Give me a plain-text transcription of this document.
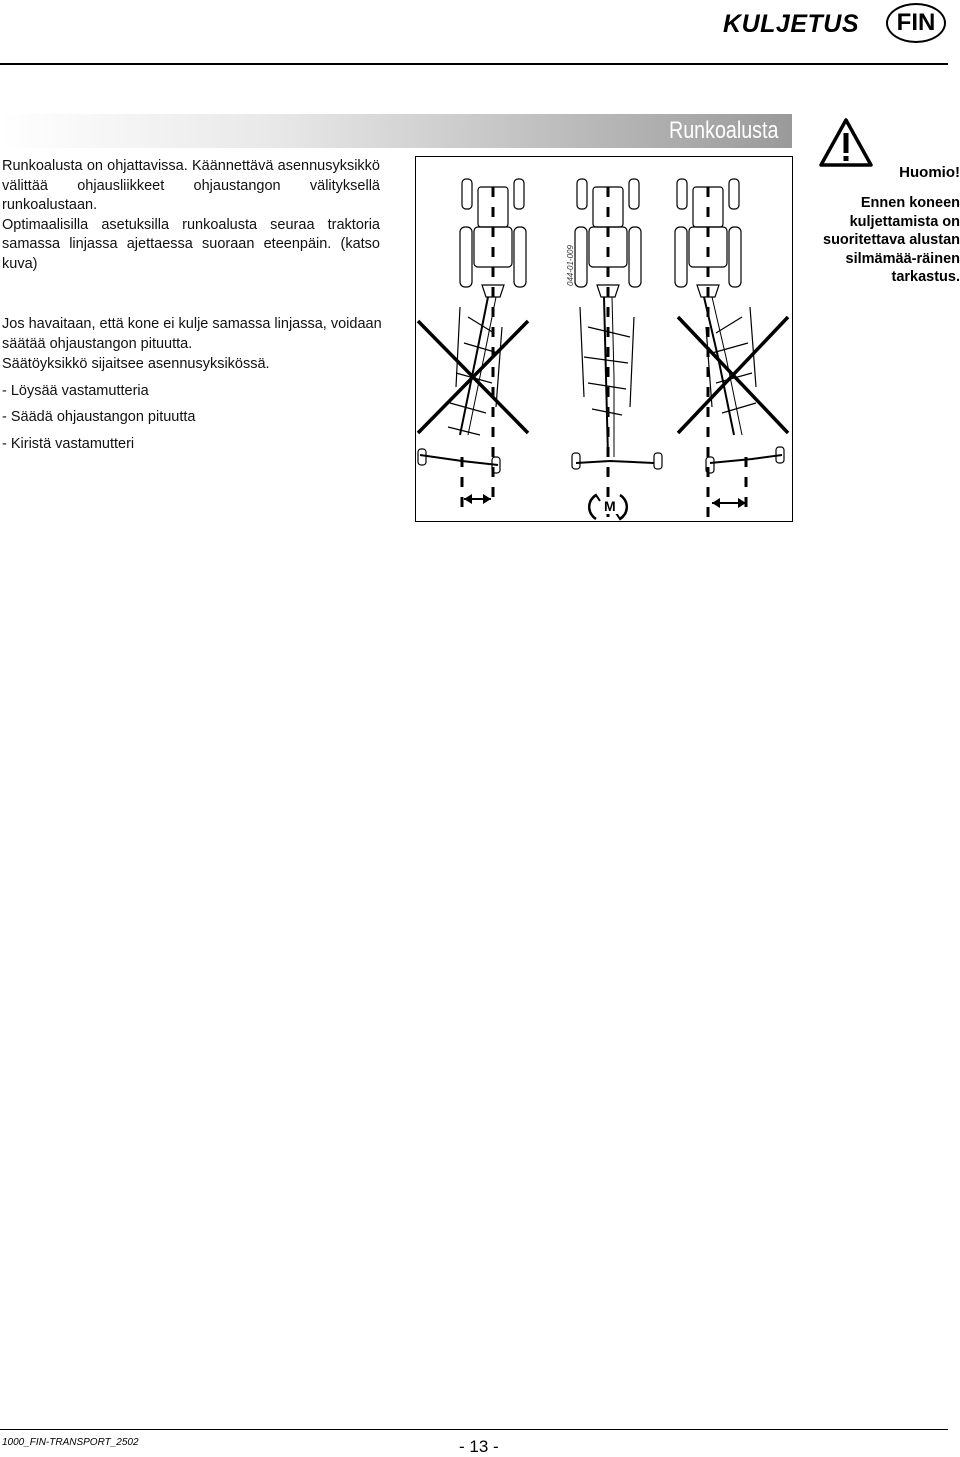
KULJETUS	FIN
Runkoalusta

Runkoalusta on ohjattavissa. Käännettävä asennusyksikkö välittää ohjausliikkeet ohjaustangon välityksellä runkoalustaan.

Optimaalisilla asetuksilla runkoalusta seuraa traktoria samassa linjassa ajettaessa suoraan eteenpäin. (katso kuva)

Jos havaitaan, että kone ei kulje samassa linjassa, voidaan säätää ohjaustangon pituutta.

Säätöyksikkö sijaitsee asennusyksikössä.

- Löysää vastamutteria

- Säädä ohjaustangon pituutta

- Kiristä vastamutteri

Huomio!
Ennen koneen kuljettamista on suoritettava alustan silmämää-räinen tarkastus.
M
044-01-009
1000_FIN-TRANSPORT_2502	- 13 -
